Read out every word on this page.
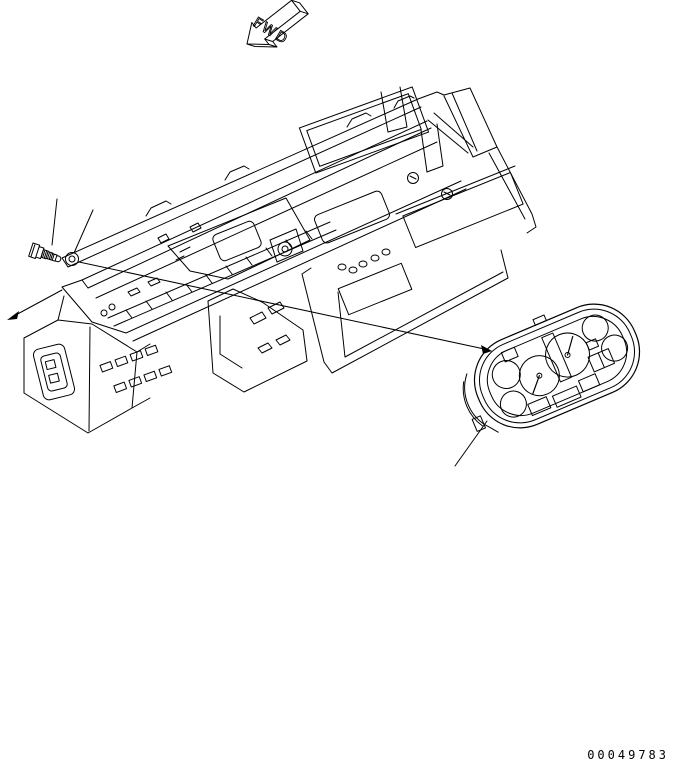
FWD
00049783
